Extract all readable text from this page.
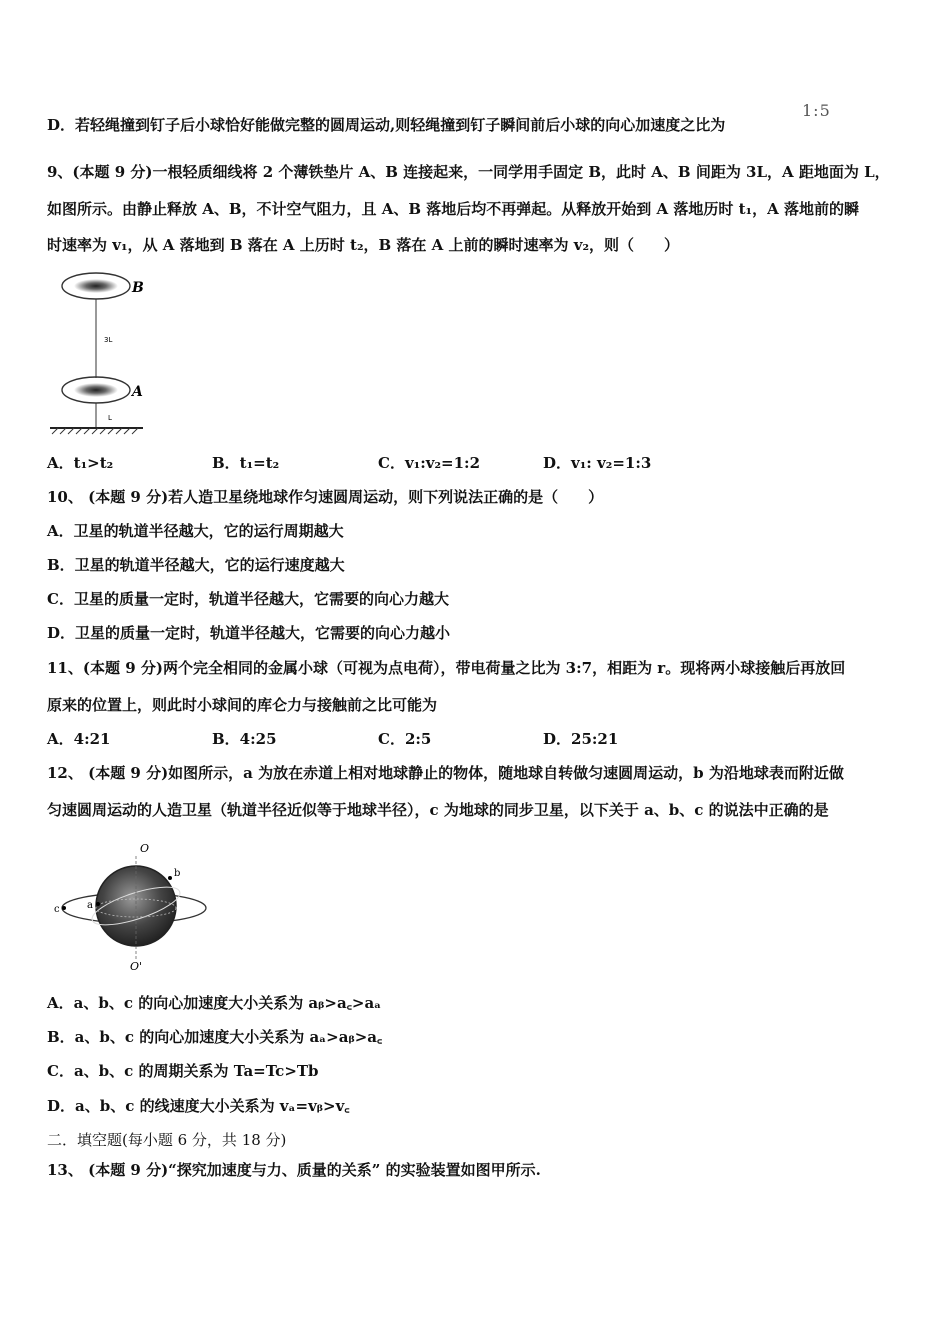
D．若轻绳撞到钉子后小球恰好能做完整的圆周运动,则轻绳撞到钉子瞬间前后小球的向心加速度之比为
1:5
9、(本题 9 分)一根轻质细线将 2 个薄铁垫片 A、B 连接起来，一同学用手固定 B，此时 A、B 间距为 3L，A 距地面为 L，
如图所示。由静止释放 A、B，不计空气阻力，且 A、B 落地后均不再弹起。从释放开始到 A 落地历时 t₁，A 落地前的瞬
时速率为 v₁，从 A 落地到 B 落在 A 上历时 t₂，B 落在 A 上前的瞬时速率为 v₂，则（　　）
B
A
3L
L
A．t₁>t₂	B．t₁=t₂	C．v₁:v₂=1:2	D．v₁: v₂=1:3
10、 (本题 9 分)若人造卫星绕地球作匀速圆周运动，则下列说法正确的是（　　）
A．卫星的轨道半径越大，它的运行周期越大
B．卫星的轨道半径越大，它的运行速度越大
C．卫星的质量一定时，轨道半径越大，它需要的向心力越大
D．卫星的质量一定时，轨道半径越大，它需要的向心力越小
11、(本题 9 分)两个完全相同的金属小球（可视为点电荷），带电荷量之比为 3:7，相距为 r。现将两小球接触后再放回
原来的位置上，则此时小球间的库仑力与接触前之比可能为
A．4:21	B．4:25	C．2:5	D．25:21
12、 (本题 9 分)如图所示，a 为放在赤道上相对地球静止的物体，随地球自转做匀速圆周运动，b 为沿地球表而附近做
匀速圆周运动的人造卫星（轨道半径近似等于地球半径），c 为地球的同步卫星，以下关于 a、b、c 的说法中正确的是
O
O'
a
b
c
A．a、b、c 的向心加速度大小关系为 aᵦ>a꜀>aₐ
B．a、b、c 的向心加速度大小关系为 aₐ>aᵦ>a꜀
C．a、b、c 的周期关系为 Ta=Tc>Tb
D．a、b、c 的线速度大小关系为 vₐ=vᵦ>v꜀
二．填空题(每小题 6 分，共 18 分)
13、 (本题 9 分)“探究加速度与力、质量的关系” 的实验装置如图甲所示.
